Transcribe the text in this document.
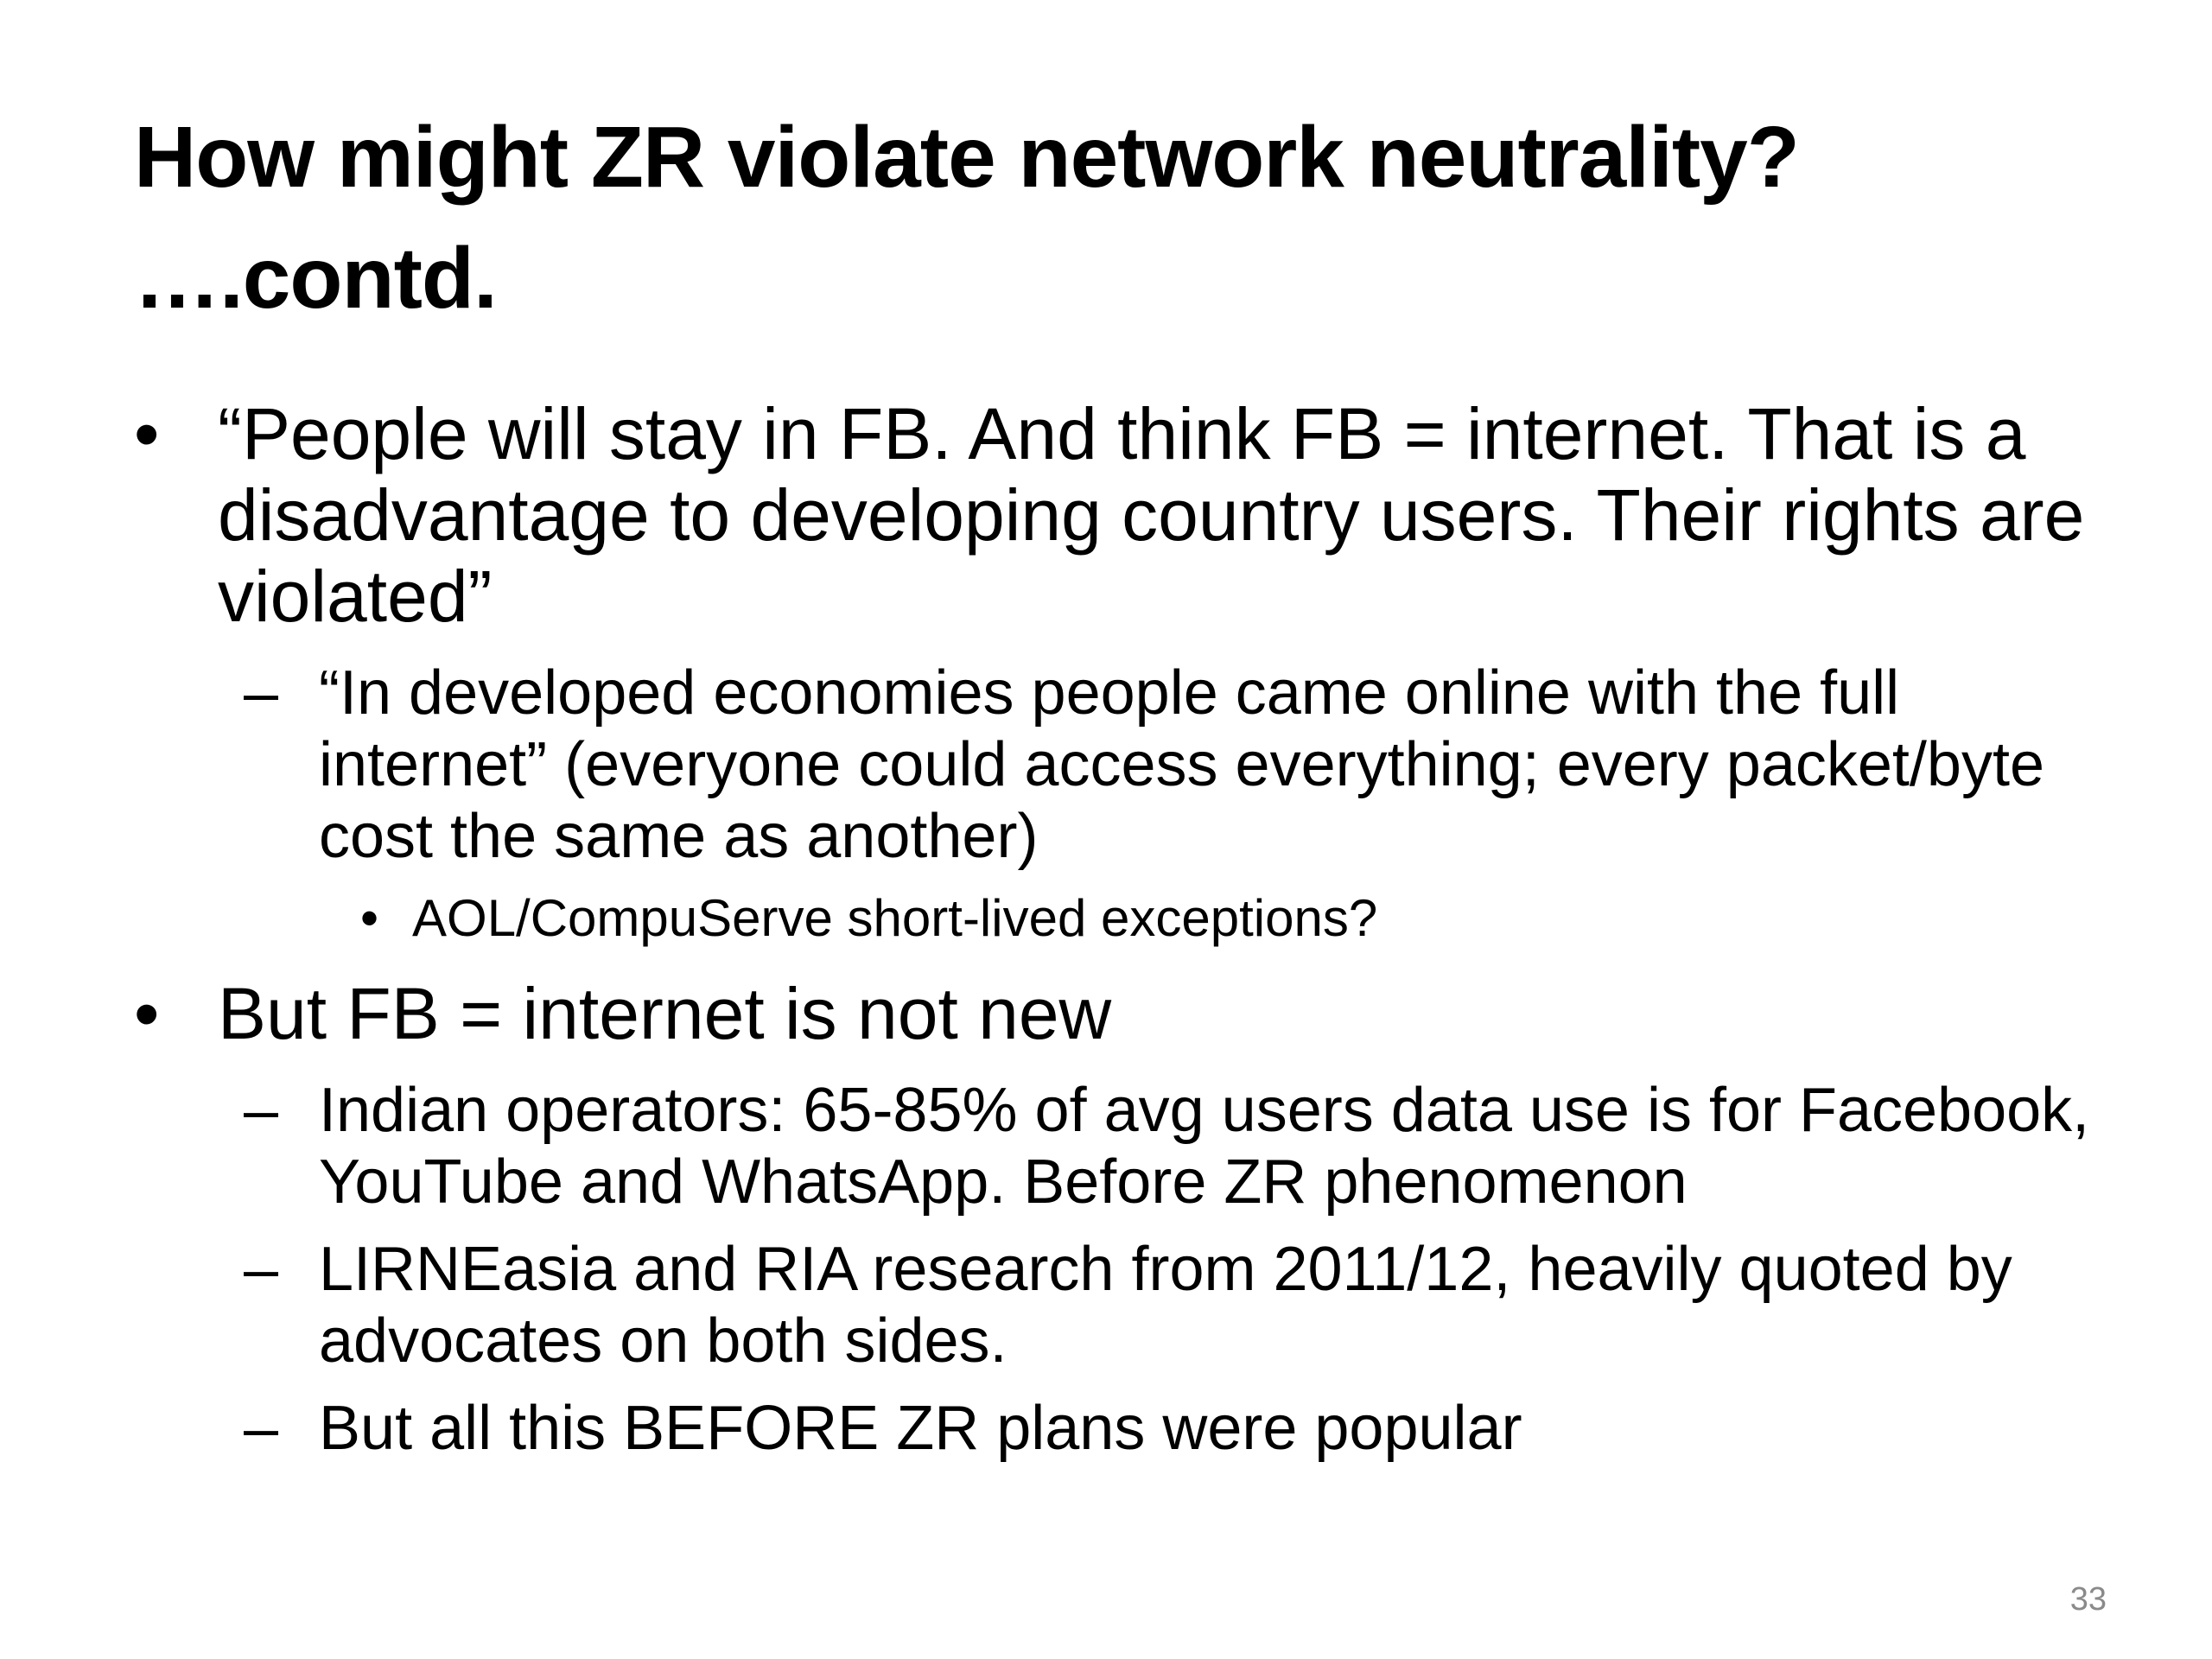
How might ZR violate network neutrality?
….contd.
• “People will stay in FB. And think FB = internet. That is a disadvantage to developing country users. Their rights are violated”
– “In developed economies people came online with the full internet” (everyone could access everything; every packet/byte cost the same as another)
• AOL/CompuServe short-lived exceptions?
• But FB = internet is not new
– Indian operators: 65-85% of avg users data use is for Facebook, YouTube and WhatsApp. Before ZR phenomenon
– LIRNEasia and RIA research from 2011/12, heavily quoted by advocates on both sides.
– But all this BEFORE ZR plans were popular
33
